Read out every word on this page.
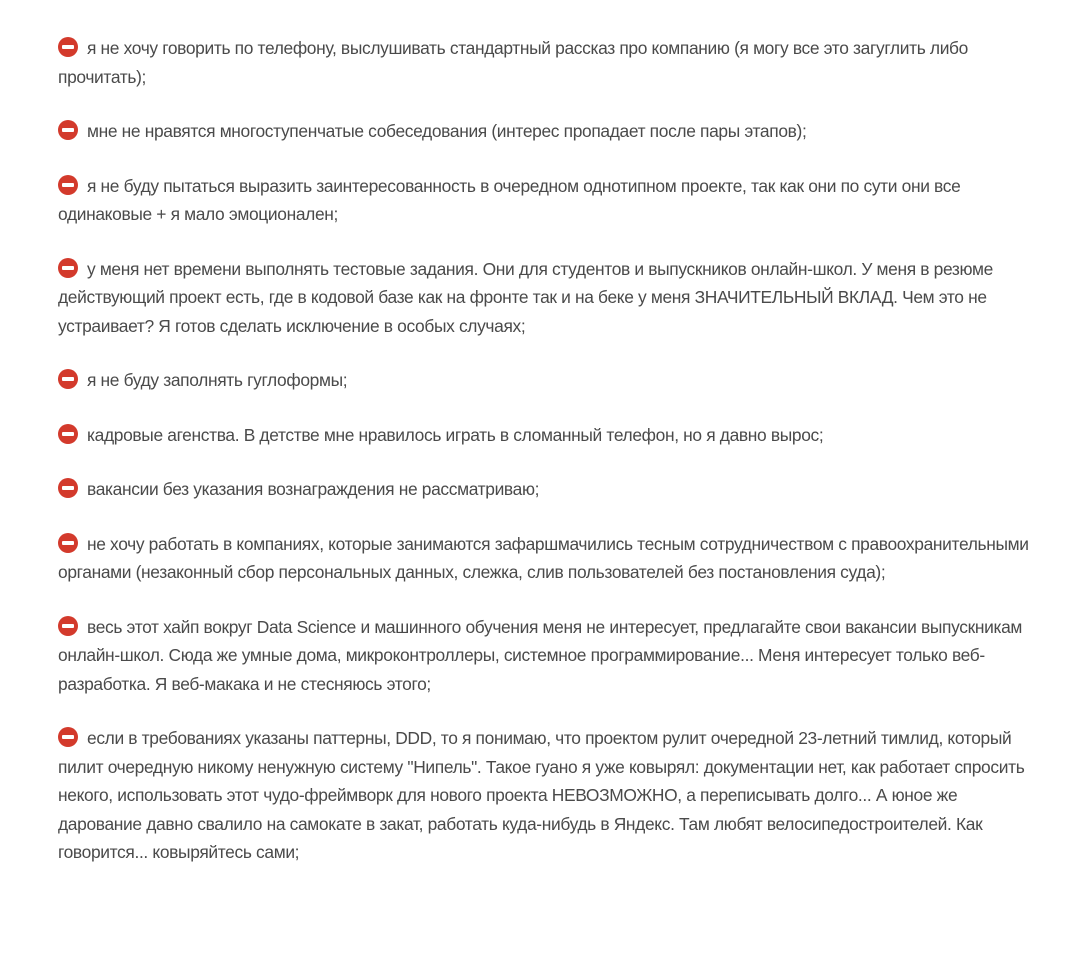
я не хочу говорить по телефону, выслушивать стандартный рассказ про компанию (я могу все это загуглить либо прочитать);

мне не нравятся многоступенчатые собеседования (интерес пропадает после пары этапов);

я не буду пытаться выразить заинтересованность в очередном однотипном проекте, так как они по сути они все одинаковые + я мало эмоционален;

у меня нет времени выполнять тестовые задания. Они для студентов и выпускников онлайн-школ. У меня в резюме действующий проект есть, где в кодовой базе как на фронте так и на беке у меня ЗНАЧИТЕЛЬНЫЙ ВКЛАД. Чем это не устраивает? Я готов сделать исключение в особых случаях;

я не буду заполнять гуглоформы;

кадровые агенства. В детстве мне нравилось играть в сломанный телефон, но я давно вырос;

вакансии без указания вознаграждения не рассматриваю;

не хочу работать в компаниях, которые занимаются зафаршмачились тесным сотрудничеством с правоохранительными органами (незаконный сбор персональных данных, слежка, слив пользователей без постановления суда);

весь этот хайп вокруг Data Science и машинного обучения меня не интересует, предлагайте свои вакансии выпускникам онлайн-школ. Сюда же умные дома, микроконтроллеры, системное программирование... Меня интересует только веб-разработка. Я веб-макака и не стесняюсь этого;

если в требованиях указаны паттерны, DDD, то я понимаю, что проектом рулит очередной 23-летний тимлид, который пилит очередную никому ненужную систему "Нипель". Такое гуано я уже ковырял: документации нет, как работает спросить некого, использовать этот чудо-фреймворк для нового проекта НЕВОЗМОЖНО, а переписывать долго... А юное же дарование давно свалило на самокате в закат, работать куда-нибудь в Яндекс. Там любят велосипедостроителей. Как говорится... ковыряйтесь сами;
